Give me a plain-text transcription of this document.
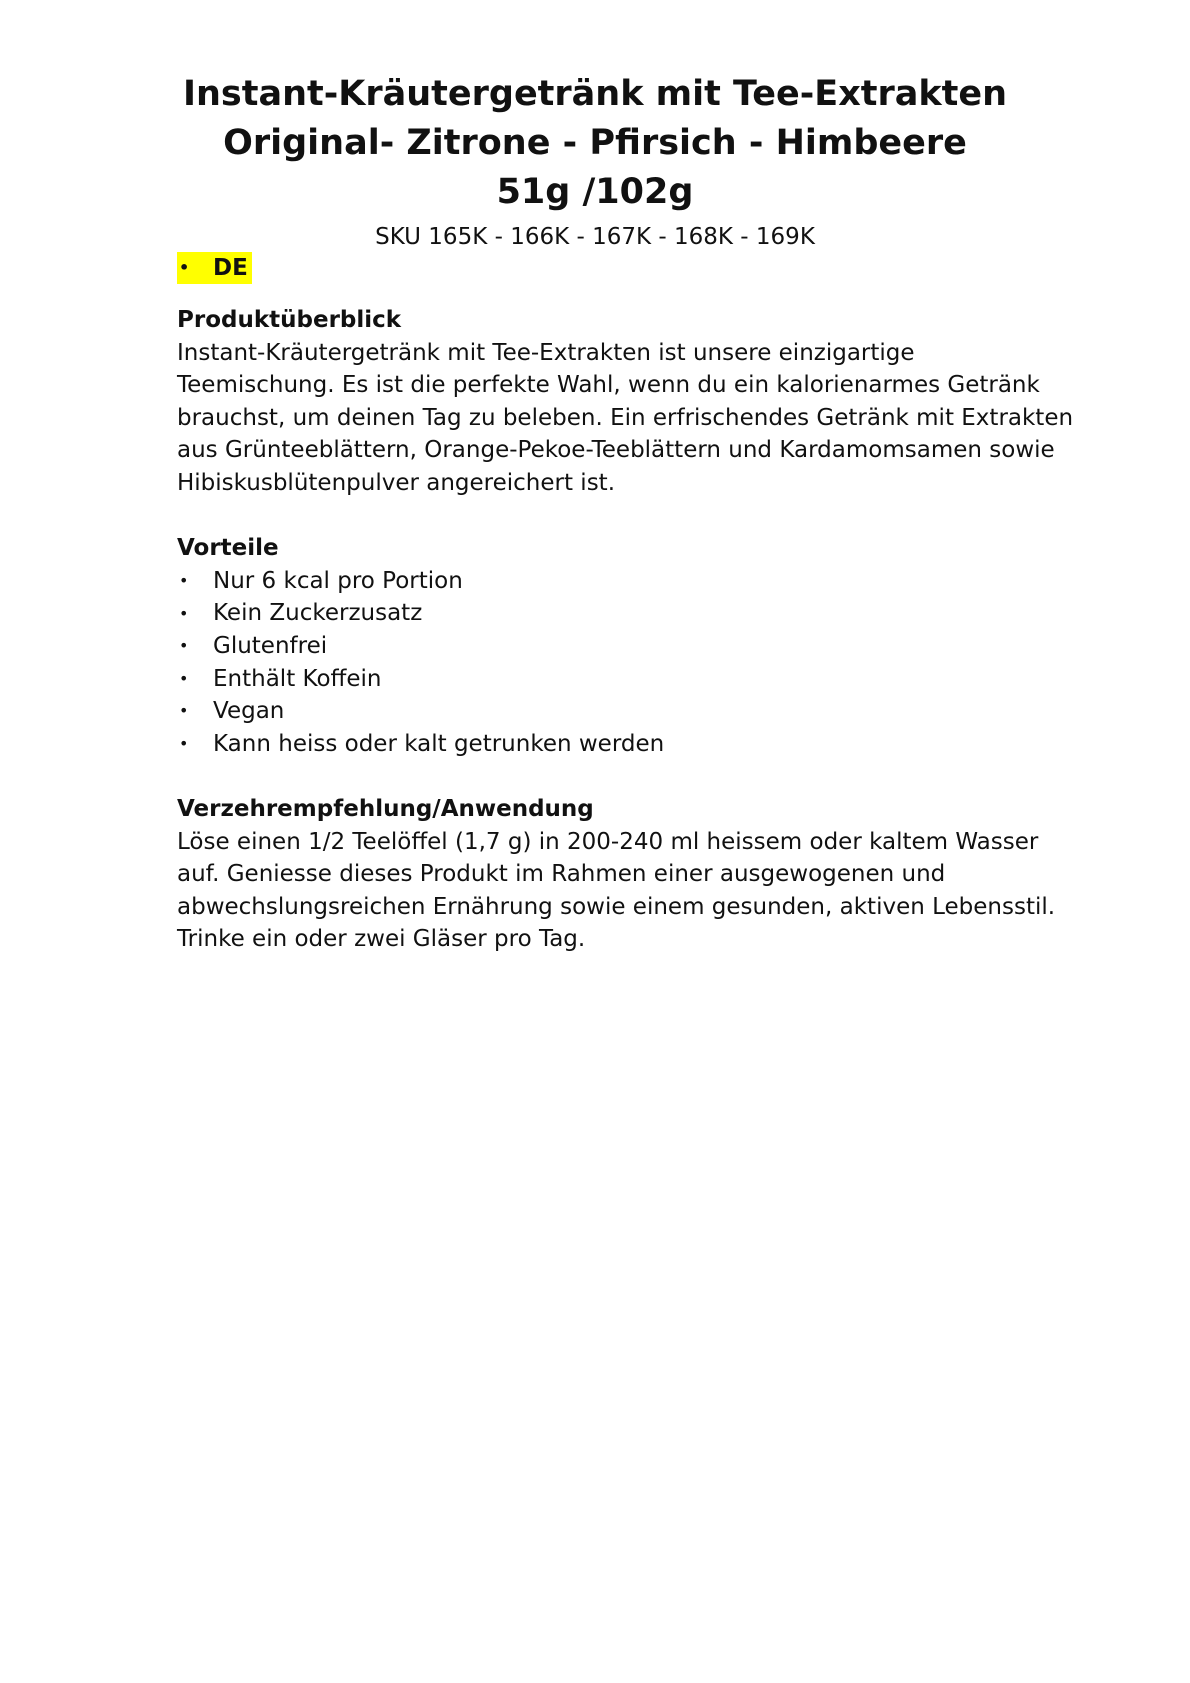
Instant-Kräutergetränk mit Tee-Extrakten
Original- Zitrone - Pfirsich - Himbeere
51g /102g
SKU 165K - 166K - 167K - 168K - 169K
•	DE
Produktüberblick

Instant-Kräutergetränk mit Tee-Extrakten ist unsere einzigartige
Teemischung. Es ist die perfekte Wahl, wenn du ein kalorienarmes Getränk
brauchst, um deinen Tag zu beleben. Ein erfrischendes Getränk mit Extrakten
aus Grünteeblättern, Orange-Pekoe-Teeblättern und Kardamomsamen sowie
Hibiskusblütenpulver angereichert ist.

Vorteile
•	Nur 6 kcal pro Portion
•	Kein Zuckerzusatz
•	Glutenfrei
•	Enthält Koffein
•	Vegan
•	Kann heiss oder kalt getrunken werden
Verzehrempfehlung/Anwendung

Löse einen 1/2 Teelöffel (1,7 g) in 200-240 ml heissem oder kaltem Wasser
auf. Geniesse dieses Produkt im Rahmen einer ausgewogenen und
abwechslungsreichen Ernährung sowie einem gesunden, aktiven Lebensstil.
Trinke ein oder zwei Gläser pro Tag.
